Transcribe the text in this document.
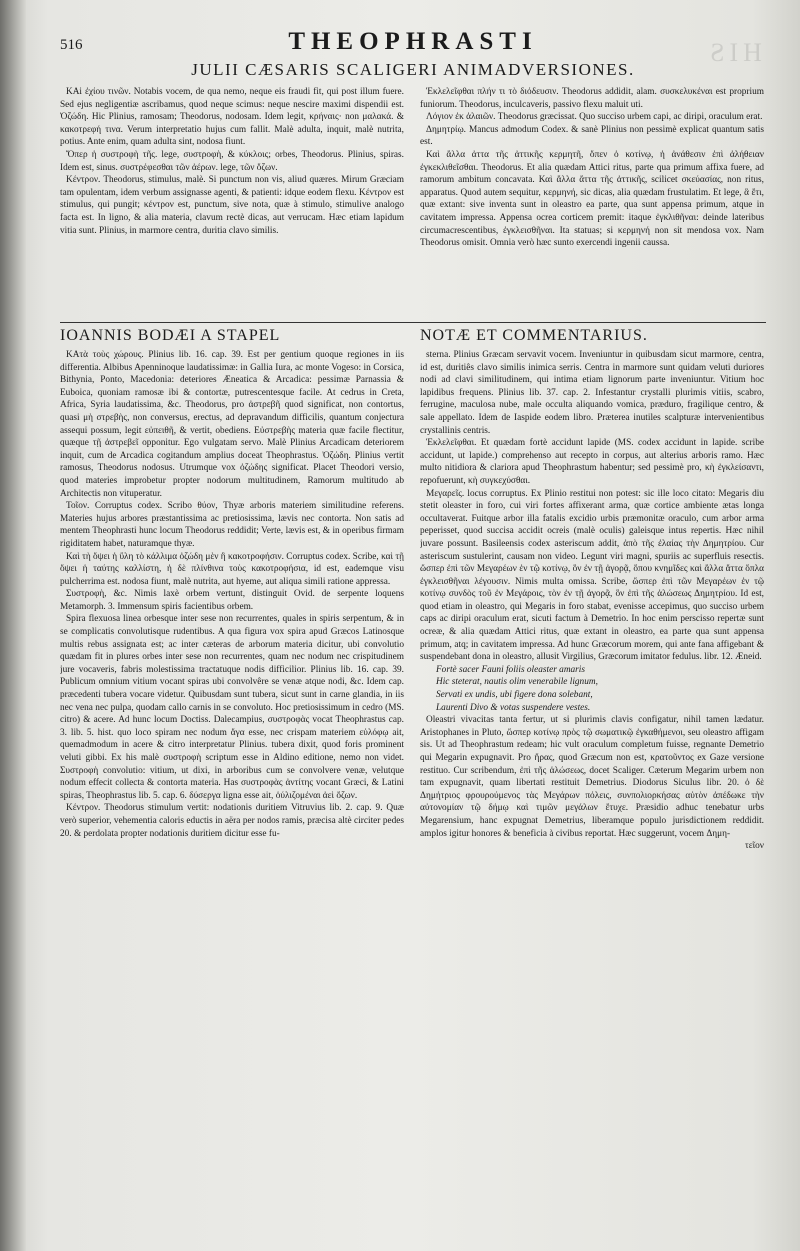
HIS
516	THEOPHRASTI
JULII CÆSARIS SCALIGERI ANIMADVERSIONES.

KAi ἐχίου τινῶν. Notabis vocem, de qua nemo, neque eis fraudi fit, qui post illum fuere. Sed ejus negligentiæ ascribamus, quod neque scimus: neque nescire maximi dispendii est. Ὀζώδη. Hic Plinius, ramosam; Theodorus, nodosam. Idem legit, κρήναις· non μαλακά. & κακοτρεφή τινα. Verum interpretatio hujus cum fallit. Malè adulta, inquit, malè nutrita, potius. Ante enim, quam adulta sint, nodosa fiunt.

Ὅπερ ἡ συστροφὴ τῆς. lege, συστροφὴ, & κύκλοις; orbes, Theodorus. Plinius, spiras. Idem est, sinus. συστρέφεσθαι τῶν ἀέρων. lege, τῶν ὄζων.

Κέντρον. Theodorus, stimulus, malè. Si punctum non vis, aliud quæres. Mirum Græciam tam opulentam, idem verbum assignasse agenti, & patienti: idque eodem flexu. Κέντρον est stimulus, qui pungit; κέντρον est, punctum, sive nota, quæ à stimulo, stimulive analogo facta est. In ligno, & alia materia, clavum rectè dicas, aut verrucam. Hæc etiam lapidum vitia sunt. Plinius, in marmore centra, duritia clavo similis.

Ἐκλελεῖφθαι πλήν τι τὸ διόδευσιν. Theodorus addidit, alam. συσκελυκέναι est proprium funiorum. Theodorus, inculcaveris, passivo flexu maluit uti.

Λόγιον ἐκ ἀλαιῶν. Theodorus græcissat. Quo succiso urbem capi, ac diripi, oraculum erat.

Δημητρίῳ. Mancus admodum Codex. & sanè Plinius non pessimè explicat quantum satis est.

Καὶ ἄλλα ἀττα τῆς ἀττικῆς κερμητῆ, ὅπεν ὁ κοτίνῳ, ἡ ἀνάθεσιν ἐπὶ ἀλήθειαν ἐγκεκλιθεῖσθαι. Theodorus. Et alia quædam Attici ritus, parte qua primum affixa fuere, ad ramorum ambitum concavata. Καὶ ἄλλα ἄττα τῆς ἀττικῆς, scilicet σκεύασίας, non ritus, apparatus. Quod autem sequitur, κερμηνή, sic dicas, alia quædam frustulatim. Et lege, ἃ ἔτι, quæ extant: sive inventa sunt in oleastro ea parte, qua sunt appensa primum, atque in cavitatem impressa. Appensa ocrea corticem premit: itaque ἐγκλιθῆναι: deinde lateribus circumacrescentibus, ἐγκλεισθῆναι. Ita statuas; si κερμηνή non sit mendosa vox. Nam Theodorus omisit. Omnia verò hæc sunto exercendi ingenii caussa.

IOANNIS BODÆI A STAPEL	NOTÆ ET COMMENTARIUS.

KAτὰ τοὺς χώρους. Plinius lib. 16. cap. 39. Est per gentium quoque regiones in iis differentia. Albibus Apenninoque laudatissimæ: in Gallia Iura, ac monte Vogeso: in Corsica, Bithynia, Ponto, Macedonia: deteriores Æneatica & Arcadica: pessimæ Parnassia & Euboica, quoniam ramosæ ibi & contortæ, putrescentesque facile. At cedrus in Creta, Africa, Syria laudatissima, &c. Theodorus, pro ἀστρεβῆ quod significat, non contortus, quasi μὴ στρεβὴς, non conversus, erectus, ad depravandum difficilis, quantum conjectura assequi possum, legit εὐπειθῆ, & vertit, obediens. Εὐστρεβὴς materia quæ facile flectitur, quæque τῇ ἀστρεβεῖ opponitur. Ego vulgatam servo. Malè Plinius Arcadicam deteriorem inquit, cum de Arcadica cogitandum amplius doceat Theophrastus. Ὀζώδη. Plinius vertit ramosus, Theodorus nodosus. Utrumque vox ὀζώδης significat. Placet Theodori versio, quod materies improbetur propter nodorum multitudinem, Ramorum multitudo ab Architectis non vituperatur.

Τοῖον. Corruptus codex. Scribo θύον, Thyæ arboris materiem similitudine referens. Materies hujus arbores præstantissima ac pretiosissima, lævis nec contorta. Non satis ad mentem Theophrasti hunc locum Theodorus reddidit; Verte, lævis est, & in operibus firmam rigiditatem habet, naturamque thyæ.

Καὶ τὴ ὄψει ἡ ὕλη τὸ κάλλιμα ὀζώδη μὲν ἢ κακοτροφήσιν. Corruptus codex. Scribe, καὶ τῇ ὄψει ἡ ταύτης καλλίστη, ἡ δὲ πλίνθινα τοὺς κακοτροφήσια, id est, eademque visu pulcherrima est. nodosa fiunt, malè nutrita, aut hyeme, aut aliqua simili ratione appressa.

Συστροφὴ, &c. Nimis laxè orbem vertunt, distinguit Ovid. de serpente loquens Metamorph. 3. Immensum spiris facientibus orbem.

Spira flexuosa linea orbesque inter sese non recurrentes, quales in spiris serpentum, & in se complicatis convolutisque rudentibus. A qua figura vox spira apud Græcos Latinosque multis rebus assignata est; ac inter cæteras de arborum materia dicitur, ubi convolutio quædam fit in plures orbes inter sese non recurrentes, quam nec nodum nec crispitudinem jure vocaveris, fabris molestissima tractatuque nodis difficilior. Plinius lib. 16. cap. 39. Publicum omnium vitium vocant spiras ubi convolvêre se venæ atque nodi, &c. Idem cap. præcedenti tubera vocare videtur. Quibusdam sunt tubera, sicut sunt in carne glandia, in iis nec vena nec pulpa, quodam callo carnis in se convoluto. Hoc pretiosissimum in cedro (MS. citro) & acere. Ad hunc locum Doctiss. Dalecampius, συστροφὰς vocat Theophrastus cap. 3. lib. 5. hist. quo loco spiram nec nodum ἄγα esse, nec crispam materiem εὐλόφῳ ait, quemadmodum in acere & citro interpretatur Plinius. tubera dixit, quod foris prominent veluti gibbi. Ex his malè συστροφὴ scriptum esse in Aldino editione, nemo non videt. Συστροφὴ convolutio: vitium, ut dixi, in arboribus cum se convolvere venæ, velutque nodum effecit collecta & contorta materia. Has συστροφὰς ἀντίτης vocant Græci, & Latini spiras, Theophrastus lib. 5. cap. 6. δύσεργα ligna esse ait, ὁύλιζομέναι ἀεὶ ὄζων.

Κέντρον. Theodorus stimulum vertit: nodationis duritiem Vitruvius lib. 2. cap. 9. Quæ verò superior, vehementia caloris eductis in aëra per nodos ramis, præcisa altè circiter pedes 20. & perdolata propter nodationis duritiem dicitur esse fu-

sterna. Plinius Græcam servavit vocem. Inveniuntur in quibusdam sicut marmore, centra, id est, duritiês clavo similis inimica serris. Centra in marmore sunt quidam veluti duriores nodi ad clavi similitudinem, qui intima etiam lignorum parte inveniuntur. Vitium hoc lapidibus frequens. Plinius lib. 37. cap. 2. Infestantur crystalli plurimis vitiis, scabro, ferrugine, maculosa nube, male occulta aliquando vomica, præduro, fragilique centro, & sale appellato. Idem de Iaspide eodem libro. Præterea inutiles scalpturæ intervenientibus crystallinis centris.

Ἐκλελεῖφθαι. Et quædam fortè accidunt lapide (MS. codex accidunt in lapide. scribe accidunt, ut lapide.) comprehenso aut recepto in corpus, aut alterius arboris ramo. Hæc multo nitidiora & clariora apud Theophrastum habentur; sed pessimè pro, κὴ ἐγκλείσαντι, repofuerunt, κὴ συγκεχύσθαι.

Μεγαρεῖς. locus corruptus. Ex Plinio restitui non potest: sic ille loco citato: Megaris diu stetit oleaster in foro, cui viri fortes affixerant arma, quæ cortice ambiente ætas longa occultaverat. Fuitque arbor illa fatalis excidio urbis præmonitæ oraculo, cum arbor arma peperisset, quod succisa accidit ocreis (malè oculis) galeisque intus repertis. Hæc nihil juvare possunt. Basileensis codex asteriscum addit, ἀπὸ τῆς ἐλαίας τὴν Δημητρίου. Cur asteriscum sustulerint, causam non video. Legunt viri magni, spuriis ac superfluis resectis. ὥσπερ ἐπὶ τῶν Μεγαρέων ἐν τῷ κοτίνῳ, ὃν ἐν τῇ ἀγορᾷ, ὅπου κνημῖδες καὶ ἄλλα ἄττα ὅπλα ἐγκλεισθῆναι λέγουσιν. Nimis multa omissa. Scribe, ὥσπερ ἐπὶ τῶν Μεγαρέων ἐν τῷ κοτίνῳ συνδὸς τοῦ ἐν Μεγάροις, τὸν ἐν τῇ ἀγορᾷ, ὃν ἐπὶ τῆς ἁλώσεως Δημητρίου. Id est, quod etiam in oleastro, qui Megaris in foro stabat, evenisse accepimus, quo succiso urbem caps ac diripi oraculum erat, sicuti factum à Demetrio. In hoc enim perscisso repertæ sunt ocreæ, & alia quædam Attici ritus, quæ extant in oleastro, ea parte qua sunt appensa primum, atq; in cavitatem impressa. Ad hunc Græcorum morem, qui ante fana affigebant & suspendebant dona in oleastro, allusit Virgilius, Græcorum imitator fedulus. libr. 12. Æneid.

Fortè sacer Fauni foliis oleaster amaris
Hic steterat, nautis olim venerabile lignum,
Servati ex undis, ubi figere dona solebant,
Laurenti Divo & votas suspendere vestes.

Oleastri vivacitas tanta fertur, ut si plurimis clavis configatur, nihil tamen lædatur. Aristophanes in Pluto, ὥσπερ κοτίνῳ πρὸς τῷ σωματικῷ ἐγκαθήμενοι, seu oleastro affigam sis. Ut ad Theophrastum redeam; hic vult oraculum completum fuisse, regnante Demetrio qui Megarin expugnavit. Pro ἥρας, quod Græcum non est, κρατοῦντος ex Gaze versione restituo. Cur scribendum, ἐπὶ τῆς ἁλώσεως, docet Scaliger. Cæterum Megarim urbem non tam expugnavit, quam libertati restituit Demetrius. Diodorus Siculus libr. 20. ὁ δὲ Δημήτριος φρουρούμενος τὰς Μεγάρων πόλεις, συνπολιορκήσας αὐτὸν ἀπέδωκε τὴν αὐτονομίαν τῷ δήμῳ καὶ τιμῶν μεγάλων ἔτυχε. Præsidio adhuc tenebatur urbs Megarensium, hanc expugnat Demetrius, liberamque populo jurisdictionem reddidit. amplos igitur honores & beneficia à civibus reportat. Hæc suggerunt, vocem Δημη-

τεῖον
